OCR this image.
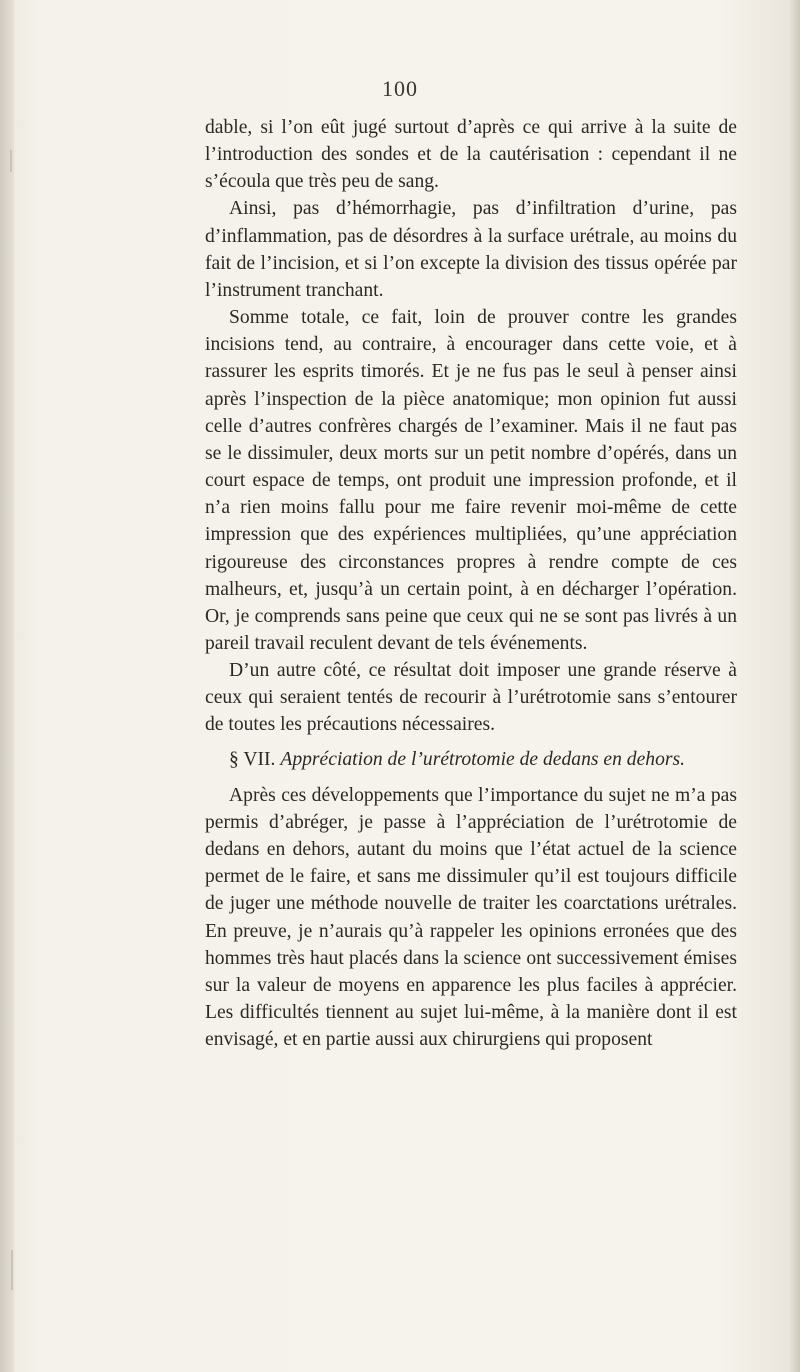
100

dable, si l’on eût jugé surtout d’après ce qui arrive à la suite de l’introduction des sondes et de la cautérisation : cependant il ne s’écoula que très peu de sang.

Ainsi, pas d’hémorrhagie, pas d’infiltration d’urine, pas d’inflammation, pas de désordres à la surface urétrale, au moins du fait de l’incision, et si l’on excepte la division des tissus opérée par l’instrument tranchant.

Somme totale, ce fait, loin de prouver contre les grandes incisions tend, au contraire, à encourager dans cette voie, et à rassurer les esprits timorés. Et je ne fus pas le seul à penser ainsi après l’inspection de la pièce anatomique; mon opinion fut aussi celle d’autres confrères chargés de l’examiner. Mais il ne faut pas se le dissimuler, deux morts sur un petit nombre d’opérés, dans un court espace de temps, ont produit une impression profonde, et il n’a rien moins fallu pour me faire revenir moi-même de cette impression que des expériences multipliées, qu’une appréciation rigoureuse des circonstances propres à rendre compte de ces malheurs, et, jusqu’à un certain point, à en décharger l’opération. Or, je comprends sans peine que ceux qui ne se sont pas livrés à un pareil travail reculent devant de tels événements.

D’un autre côté, ce résultat doit imposer une grande réserve à ceux qui seraient tentés de recourir à l’urétrotomie sans s’entourer de toutes les précautions nécessaires.

§ VII. Appréciation de l’urétrotomie de dedans en dehors.

Après ces développements que l’importance du sujet ne m’a pas permis d’abréger, je passe à l’appréciation de l’urétrotomie de dedans en dehors, autant du moins que l’état actuel de la science permet de le faire, et sans me dissimuler qu’il est toujours difficile de juger une méthode nouvelle de traiter les coarctations urétrales. En preuve, je n’aurais qu’à rappeler les opinions erronées que des hommes très haut placés dans la science ont successivement émises sur la valeur de moyens en apparence les plus faciles à apprécier. Les difficultés tiennent au sujet lui-même, à la manière dont il est envisagé, et en partie aussi aux chirurgiens qui proposent
